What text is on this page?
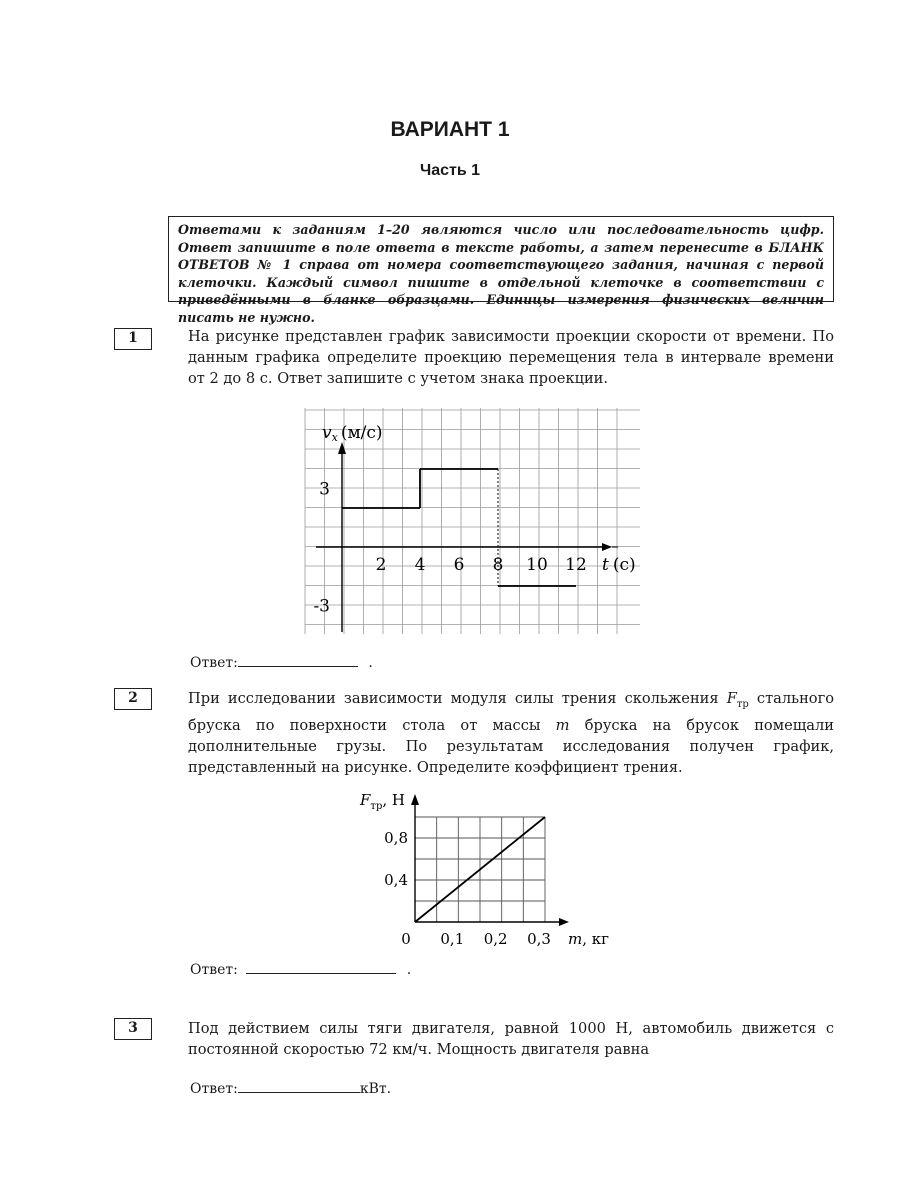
ВАРИАНТ 1
Часть 1
Ответами к заданиям 1–20 являются число или последовательность цифр. Ответ запишите в поле ответа в тексте работы, а затем перенесите в БЛАНК ОТВЕТОВ № 1 справа от номера соответствующего задания, начиная с первой клеточки. Каждый символ пишите в отдельной клеточке в соответствии с приведёнными в бланке образцами. Единицы измерения физических величин писать не нужно.
1	На рисунке представлен график зависимости проекции скорости от времени. По данным графика определите проекцию перемещения тела в интервале времени от 2 до 8 с. Ответ запишите с учетом знака проекции.
2 4 6 8 10 12
3
-3
vx (м/с)
t (с)
Ответ:	.
2	При исследовании зависимости модуля силы трения скольжения $F_{тр}$ стального бруска по поверхности стола от массы m бруска на брусок помещали дополнительные грузы. По результатам исследования получен график, представленный на рисунке. Определите коэффициент трения.
0 0,1 0,2 0,3
0,4
0,8
$F_{тр}$, Н
m, кг
Ответ:	.
3	Под действием силы тяги двигателя, равной 1000 Н, автомобиль движется с постоянной скоростью 72 км/ч. Мощность двигателя равна
Ответ:	кВт.
